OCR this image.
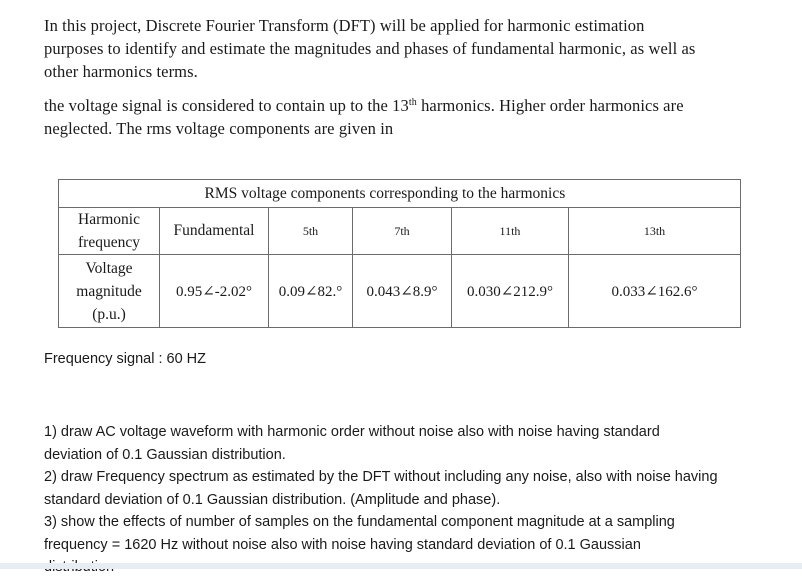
In this project, Discrete Fourier Transform (DFT) will be applied for harmonic estimation
purposes to identify and estimate the magnitudes and phases of fundamental harmonic, as well as
other harmonics terms.
the voltage signal is considered to contain up to the 13th harmonics. Higher order harmonics are
neglected. The rms voltage components are given in
	RMS voltage components corresponding to the harmonics				

Harmonic
frequency	Fundamental	5th	7th	11th	13th

Voltage
magnitude
(p.u.)	0.95∠-2.02°	0.09∠82.°	0.043∠8.9°	0.030∠212.9°	0.033∠162.6°
Frequency signal : 60 HZ
1) draw AC voltage waveform with harmonic order without noise also with noise having standard
deviation of 0.1 Gaussian distribution.
2) draw Frequency spectrum as estimated by the DFT without including any noise, also with noise having
standard deviation of 0.1 Gaussian distribution. (Amplitude and phase).
3) show the effects of number of samples on the fundamental component magnitude at a sampling
frequency = 1620 Hz without noise also with noise having standard deviation of 0.1 Gaussian
